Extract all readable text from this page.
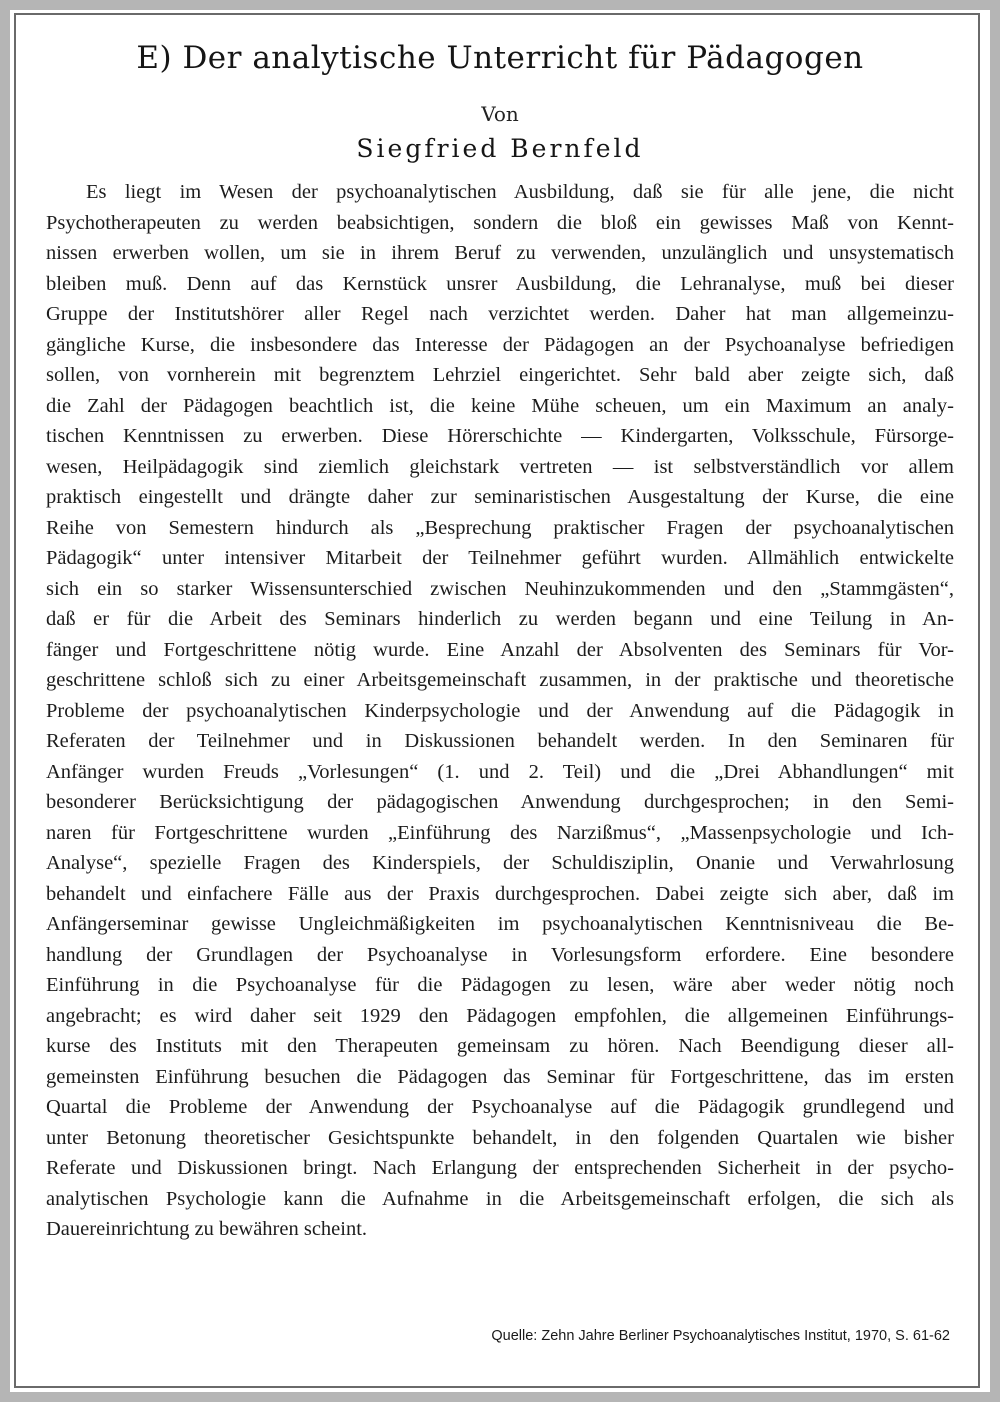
E) Der analytische Unterricht für Pädagogen
Von
Siegfried Bernfeld
Es liegt im Wesen der psychoanalytischen Ausbildung, daß sie für alle jene, die nicht
Psychotherapeuten zu werden beabsichtigen, sondern die bloß ein gewisses Maß von Kennt-
nissen erwerben wollen, um sie in ihrem Beruf zu verwenden, unzulänglich und unsystematisch
bleiben muß. Denn auf das Kernstück unsrer Ausbildung, die Lehranalyse, muß bei dieser
Gruppe der Institutshörer aller Regel nach verzichtet werden. Daher hat man allgemeinzu-
gängliche Kurse, die insbesondere das Interesse der Pädagogen an der Psychoanalyse befriedigen
sollen, von vornherein mit begrenztem Lehrziel eingerichtet. Sehr bald aber zeigte sich, daß
die Zahl der Pädagogen beachtlich ist, die keine Mühe scheuen, um ein Maximum an analy-
tischen Kenntnissen zu erwerben. Diese Hörerschichte — Kindergarten, Volksschule, Fürsorge-
wesen, Heilpädagogik sind ziemlich gleichstark vertreten — ist selbstverständlich vor allem
praktisch eingestellt und drängte daher zur seminaristischen Ausgestaltung der Kurse, die eine
Reihe von Semestern hindurch als „Besprechung praktischer Fragen der psychoanalytischen
Pädagogik“ unter intensiver Mitarbeit der Teilnehmer geführt wurden. Allmählich entwickelte
sich ein so starker Wissensunterschied zwischen Neuhinzukommenden und den „Stammgästen“,
daß er für die Arbeit des Seminars hinderlich zu werden begann und eine Teilung in An-
fänger und Fortgeschrittene nötig wurde. Eine Anzahl der Absolventen des Seminars für Vor-
geschrittene schloß sich zu einer Arbeitsgemeinschaft zusammen, in der praktische und theoretische
Probleme der psychoanalytischen Kinderpsychologie und der Anwendung auf die Pädagogik in
Referaten der Teilnehmer und in Diskussionen behandelt werden. In den Seminaren für
Anfänger wurden Freuds „Vorlesungen“ (1. und 2. Teil) und die „Drei Abhandlungen“ mit
besonderer Berücksichtigung der pädagogischen Anwendung durchgesprochen; in den Semi-
naren für Fortgeschrittene wurden „Einführung des Narzißmus“, „Massenpsychologie und Ich-
Analyse“, spezielle Fragen des Kinderspiels, der Schuldisziplin, Onanie und Verwahrlosung
behandelt und einfachere Fälle aus der Praxis durchgesprochen. Dabei zeigte sich aber, daß im
Anfängerseminar gewisse Ungleichmäßigkeiten im psychoanalytischen Kenntnisniveau die Be-
handlung der Grundlagen der Psychoanalyse in Vorlesungsform erfordere. Eine besondere
Einführung in die Psychoanalyse für die Pädagogen zu lesen, wäre aber weder nötig noch
angebracht; es wird daher seit 1929 den Pädagogen empfohlen, die allgemeinen Einführungs-
kurse des Instituts mit den Therapeuten gemeinsam zu hören. Nach Beendigung dieser all-
gemeinsten Einführung besuchen die Pädagogen das Seminar für Fortgeschrittene, das im ersten
Quartal die Probleme der Anwendung der Psychoanalyse auf die Pädagogik grundlegend und
unter Betonung theoretischer Gesichtspunkte behandelt, in den folgenden Quartalen wie bisher
Referate und Diskussionen bringt. Nach Erlangung der entsprechenden Sicherheit in der psycho-
analytischen Psychologie kann die Aufnahme in die Arbeitsgemeinschaft erfolgen, die sich als
Dauereinrichtung zu bewähren scheint.
Quelle: Zehn Jahre Berliner Psychoanalytisches Institut, 1970, S. 61-62
